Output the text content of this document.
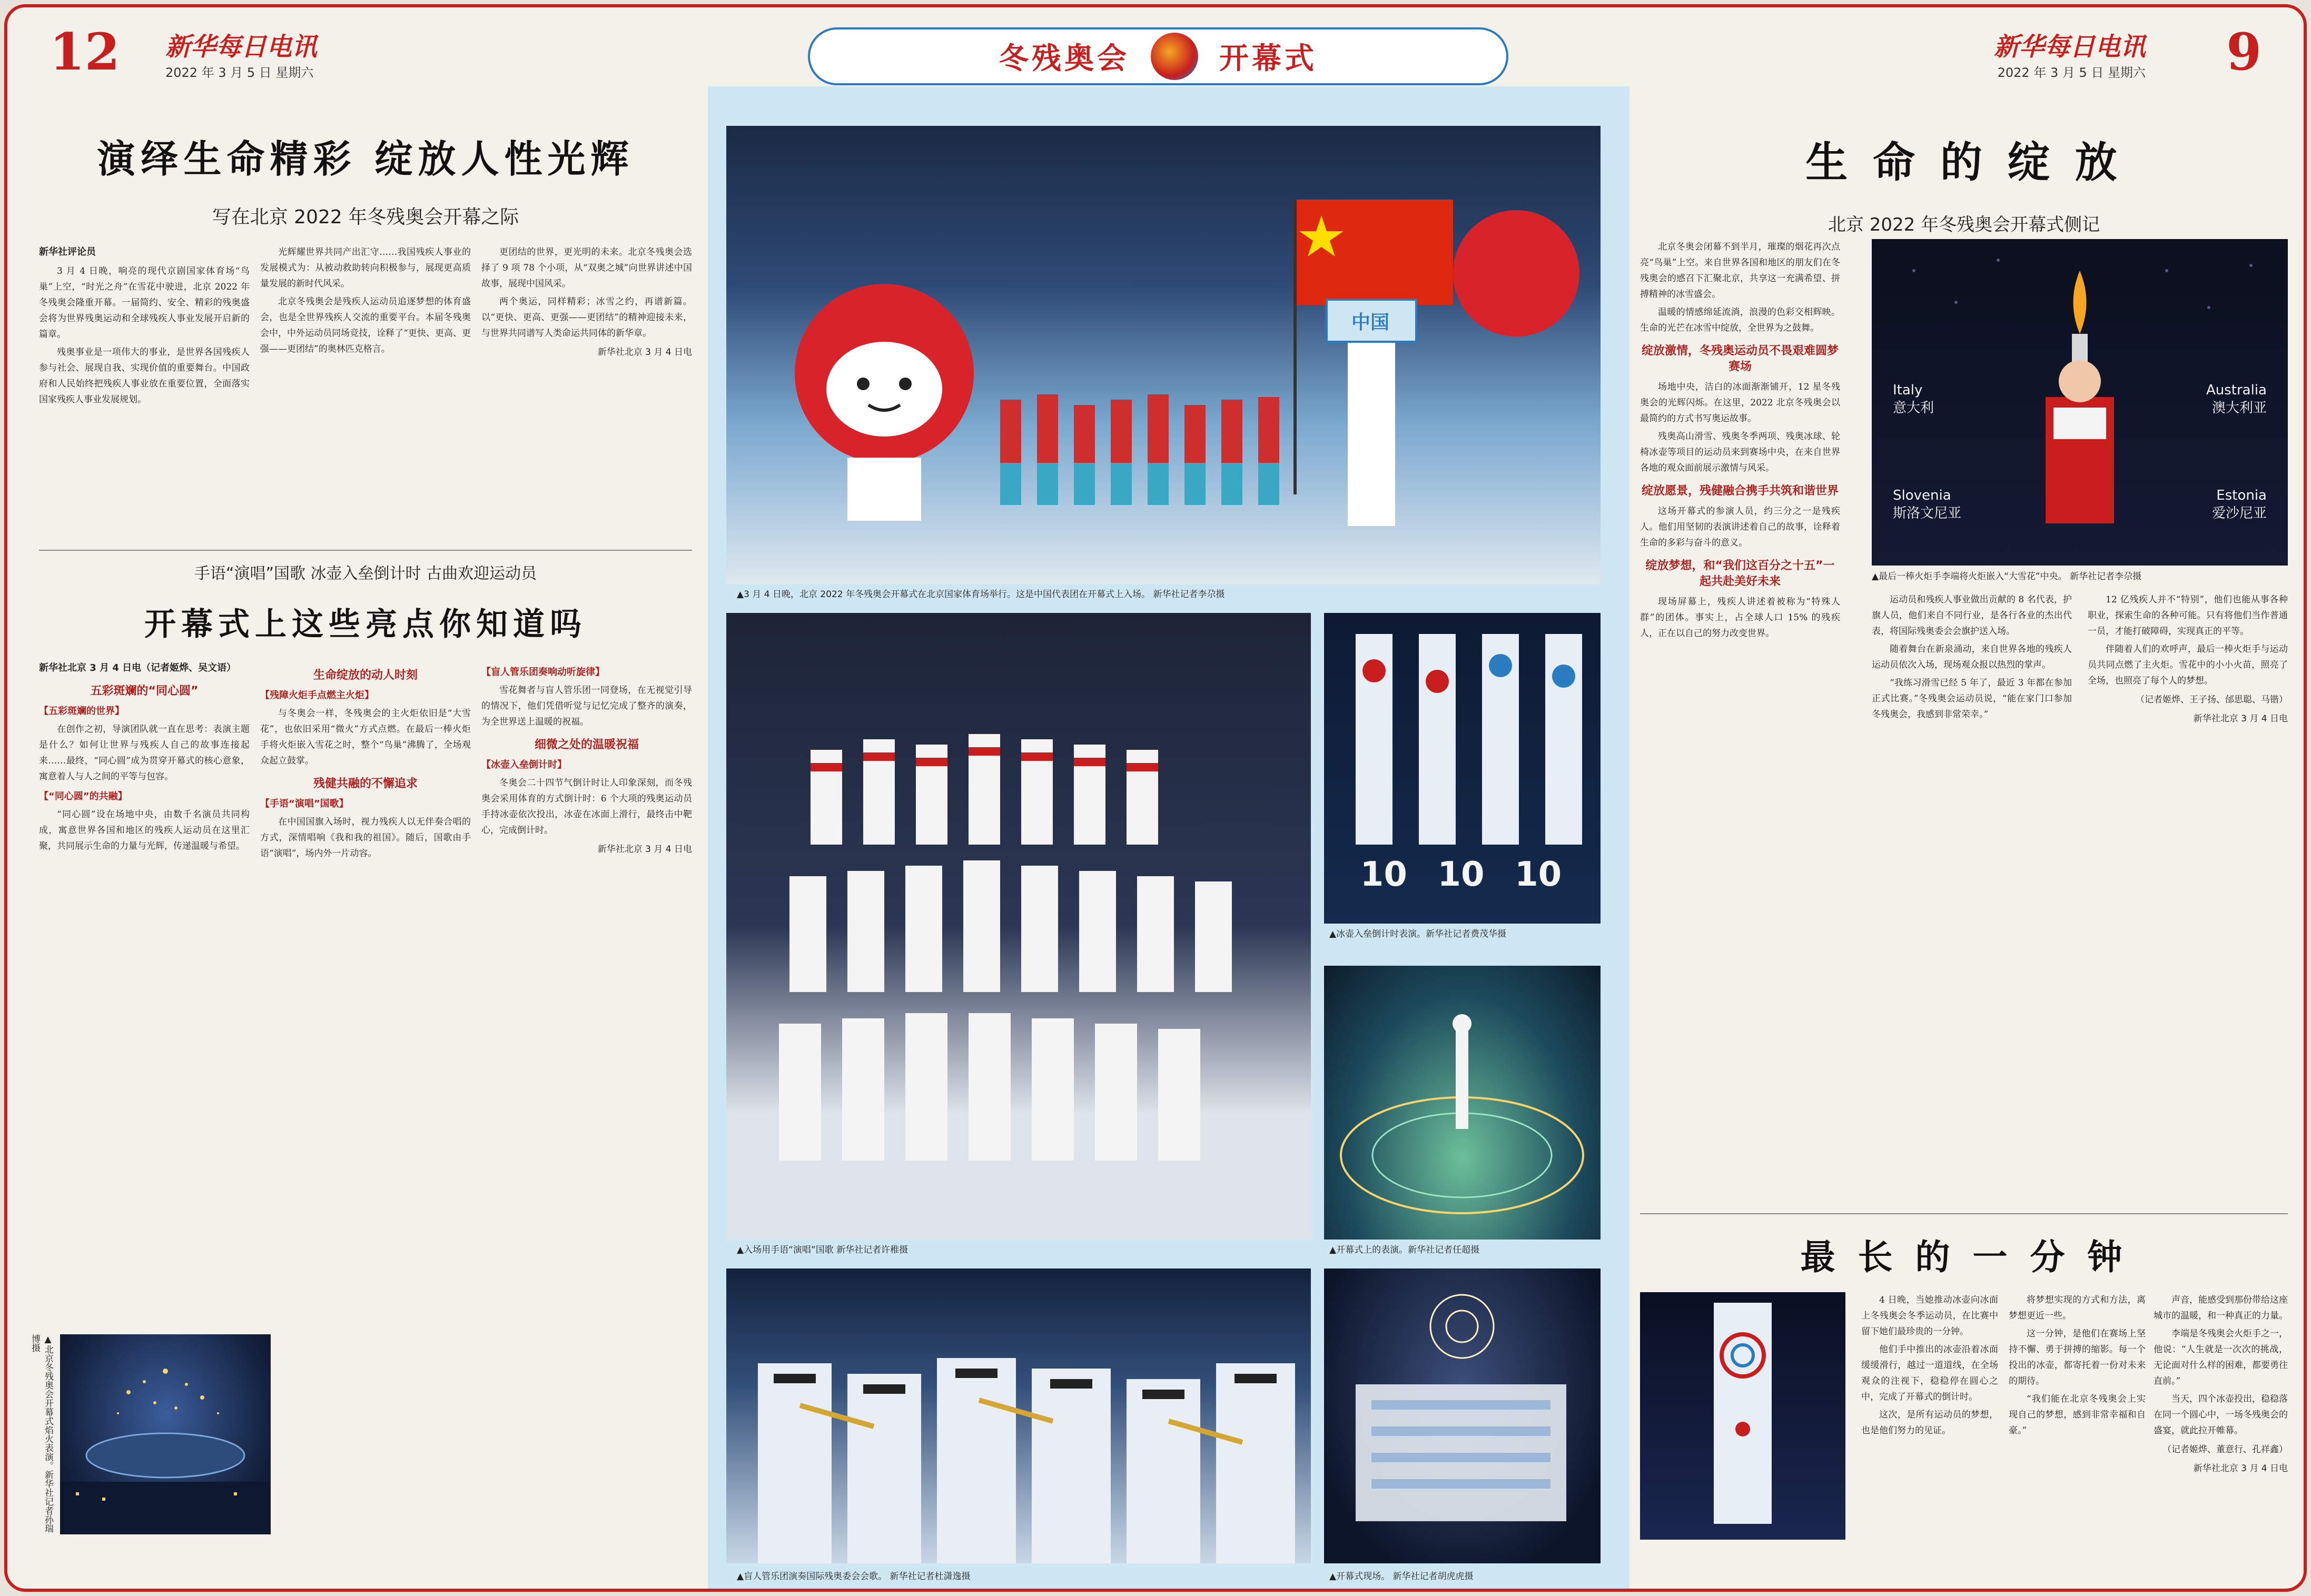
12 新华每日电讯
2022 年 3 月 5 日 星期六	冬残奥会	开幕式	新华每日电讯
2022 年 3 月 5 日 星期六 9
演绎生命精彩 绽放人性光辉
写在北京 2022 年冬残奥会开幕之际
新华社评论员

3 月 4 日晚，响亮的现代京剧国家体育场“鸟巢”上空，“时光之舟”在雪花中驶进，北京 2022 年冬残奥会隆重开幕。一届简约、安全、精彩的残奥盛会将为世界残奥运动和全球残疾人事业发展开启新的篇章。

残奥事业是一项伟大的事业，是世界各国残疾人参与社会、展现自我、实现价值的重要舞台。中国政府和人民始终把残疾人事业放在重要位置，全面落实国家残疾人事业发展规划。

光辉耀世界共同产出汇守……我国残疾人事业的发展模式为：从被动救助转向积极参与，展现更高质量发展的新时代风采。

北京冬残奥会是残疾人运动员追逐梦想的体育盛会，也是全世界残疾人交流的重要平台。本届冬残奥会中，中外运动员同场竞技，诠释了“更快、更高、更强——更团结”的奥林匹克格言。

更团结的世界，更光明的未来。北京冬残奥会选择了 9 项 78 个小项，从“双奥之城”向世界讲述中国故事，展现中国风采。

两个奥运，同样精彩；冰雪之约，再谱新篇。以“更快、更高、更强——更团结”的精神迎接未来，与世界共同谱写人类命运共同体的新华章。

新华社北京 3 月 4 日电
手语“演唱”国歌 冰壶入垒倒计时 古曲欢迎运动员
开幕式上这些亮点你知道吗
新华社北京 3 月 4 日电（记者姬烨、吴文语）
五彩斑斓的“同心圆”
【五彩斑斓的世界】

在创作之初，导演团队就一直在思考：表演主题是什么？如何让世界与残疾人自己的故事连接起来……最终，“同心圆”成为贯穿开幕式的核心意象，寓意着人与人之间的平等与包容。

【“同心圆”的共融】

“同心圆”设在场地中央，由数千名演员共同构成，寓意世界各国和地区的残疾人运动员在这里汇聚，共同展示生命的力量与光辉，传递温暖与希望。

生命绽放的动人时刻
【残障火炬手点燃主火炬】

与冬奥会一样，冬残奥会的主火炬依旧是“大雪花”，也依旧采用“微火”方式点燃。在最后一棒火炬手将火炬嵌入雪花之时，整个“鸟巢”沸腾了，全场观众起立鼓掌。

残健共融的不懈追求
【手语“演唱”国歌】

在中国国旗入场时，视力残疾人以无伴奏合唱的方式，深情唱响《我和我的祖国》。随后，国歌由手语“演唱”，场内外一片动容。

【盲人管乐团奏响动听旋律】

雪花舞者与盲人管乐团一同登场，在无视觉引导的情况下，他们凭借听觉与记忆完成了整齐的演奏，为全世界送上温暖的祝福。

细微之处的温暖祝福
【冰壶入垒倒计时】

冬奥会二十四节气倒计时让人印象深刻，而冬残奥会采用体育的方式倒计时：6 个大项的残奥运动员手持冰壶依次投出，冰壶在冰面上滑行，最终击中靶心，完成倒计时。

新华社北京 3 月 4 日电
▲北京冬残奥会开幕式焰火表演。新华社记者孙瑞博摄
中国
▲3 月 4 日晚，北京 2022 年冬残奥会开幕式在北京国家体育场举行。这是中国代表团在开幕式上入场。 新华社记者李尕摄
▲入场用手语“演唱”国歌 新华社记者许稚摄
10 10 10
▲冰壶入垒倒计时表演。新华社记者费茂华摄
▲开幕式上的表演。新华社记者任超摄
▲盲人管乐团演奏国际残奥委会会歌。 新华社记者杜潇逸摄	▲开幕式现场。 新华社记者胡虎虎摄
生 命 的 绽 放
北京 2022 年冬残奥会开幕式侧记

北京冬奥会闭幕不到半月，璀璨的烟花再次点亮“鸟巢”上空。来自世界各国和地区的朋友们在冬残奥会的感召下汇聚北京，共享这一充满希望、拼搏精神的冰雪盛会。

温暖的情感绵延流淌，浪漫的色彩交相辉映。生命的光芒在冰雪中绽放，全世界为之鼓舞。

绽放激情，冬残奥运动员不畏艰难圆梦赛场

场地中央，洁白的冰面渐渐铺开，12 星冬残奥会的光辉闪烁。在这里，2022 北京冬残奥会以最简约的方式书写奥运故事。

残奥高山滑雪、残奥冬季两项、残奥冰球、轮椅冰壶等项目的运动员来到赛场中央，在来自世界各地的观众面前展示激情与风采。

绽放愿景，残健融合携手共筑和谐世界

这场开幕式的参演人员，约三分之一是残疾人。他们用坚韧的表演讲述着自己的故事，诠释着生命的多彩与奋斗的意义。

绽放梦想，和“我们这百分之十五”一起共赴美好未来

现场屏幕上，残疾人讲述着被称为“特殊人群”的团体。事实上，占全球人口 15% 的残疾人，正在以自己的努力改变世界。

Italy
意大利
Australia
澳大利亚
Slovenia
斯洛文尼亚
Estonia
爱沙尼亚
▲最后一棒火炬手李端将火炬嵌入“大雪花”中央。 新华社记者李尕摄

运动员和残疾人事业做出贡献的 8 名代表，护旗人员，他们来自不同行业，是各行各业的杰出代表，将国际残奥委会会旗护送入场。

随着舞台在新泉涌动，来自世界各地的残疾人运动员依次入场，现场观众报以热烈的掌声。

“我练习滑雪已经 5 年了，最近 3 年都在参加正式比赛。”冬残奥会运动员说，“能在家门口参加冬残奥会，我感到非常荣幸。”

12 亿残疾人并不“特别”，他们也能从事各种职业，探索生命的各种可能。只有将他们当作普通一员，才能打破障碍，实现真正的平等。

伴随着人们的欢呼声，最后一棒火炬手与运动员共同点燃了主火炬。雪花中的小小火苗，照亮了全场，也照亮了每个人的梦想。

（记者姬烨、王子扬、邰思聪、马锴）
新华社北京 3 月 4 日电
最 长 的 一 分 钟

4 日晚，当她推动冰壶向冰面上冬残奥会冬季运动员，在比赛中留下她们最珍贵的一分钟。

他们手中推出的冰壶沿着冰面缓缓滑行，越过一道道线，在全场观众的注视下，稳稳停在圆心之中，完成了开幕式的倒计时。

这次，是所有运动员的梦想，也是他们努力的见证。

将梦想实现的方式和方法，离梦想更近一些。

这一分钟，是他们在赛场上坚持不懈、勇于拼搏的缩影。每一个投出的冰壶，都寄托着一份对未来的期待。

“我们能在北京冬残奥会上实现自己的梦想，感到非常幸福和自豪。”

声音，能感受到那份带给这座城市的温暖，和一种真正的力量。

李端是冬残奥会火炬手之一，他说：“人生就是一次次的挑战，无论面对什么样的困难，都要勇往直前。”

当天，四个冰壶投出，稳稳落在同一个圆心中，一场冬残奥会的盛宴，就此拉开帷幕。

（记者姬烨、董意行、孔祥鑫）
新华社北京 3 月 4 日电
